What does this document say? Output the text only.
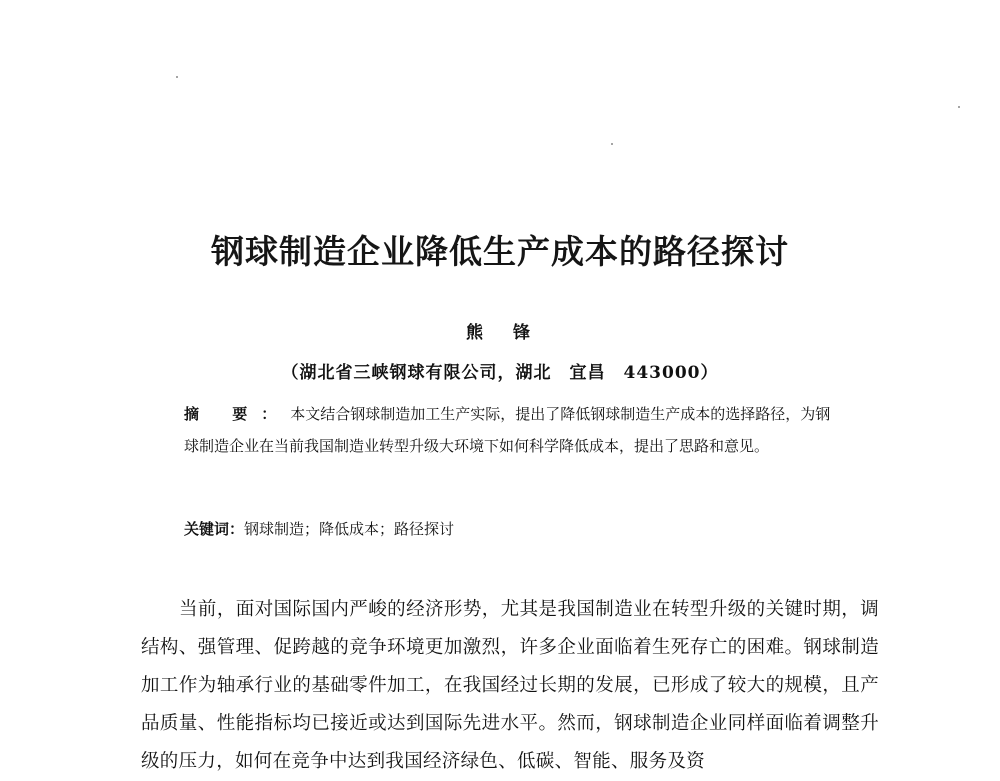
钢球制造企业降低生产成本的路径探讨
熊 锋
（湖北省三峡钢球有限公司，湖北　宜昌　443000）
摘 要：本文结合钢球制造加工生产实际，提出了降低钢球制造生产成本的选择路径，为钢球制造企业在当前我国制造业转型升级大环境下如何科学降低成本，提出了思路和意见。
关键词：钢球制造；降低成本；路径探讨
当前，面对国际国内严峻的经济形势，尤其是我国制造业在转型升级的关键时期，调结构、强管理、促跨越的竞争环境更加激烈，许多企业面临着生死存亡的困难。钢球制造加工作为轴承行业的基础零件加工，在我国经过长期的发展，已形成了较大的规模，且产品质量、性能指标均已接近或达到国际先进水平。然而，钢球制造企业同样面临着调整升级的压力，如何在竞争中达到我国经济绿色、低碳、智能、服务及资
